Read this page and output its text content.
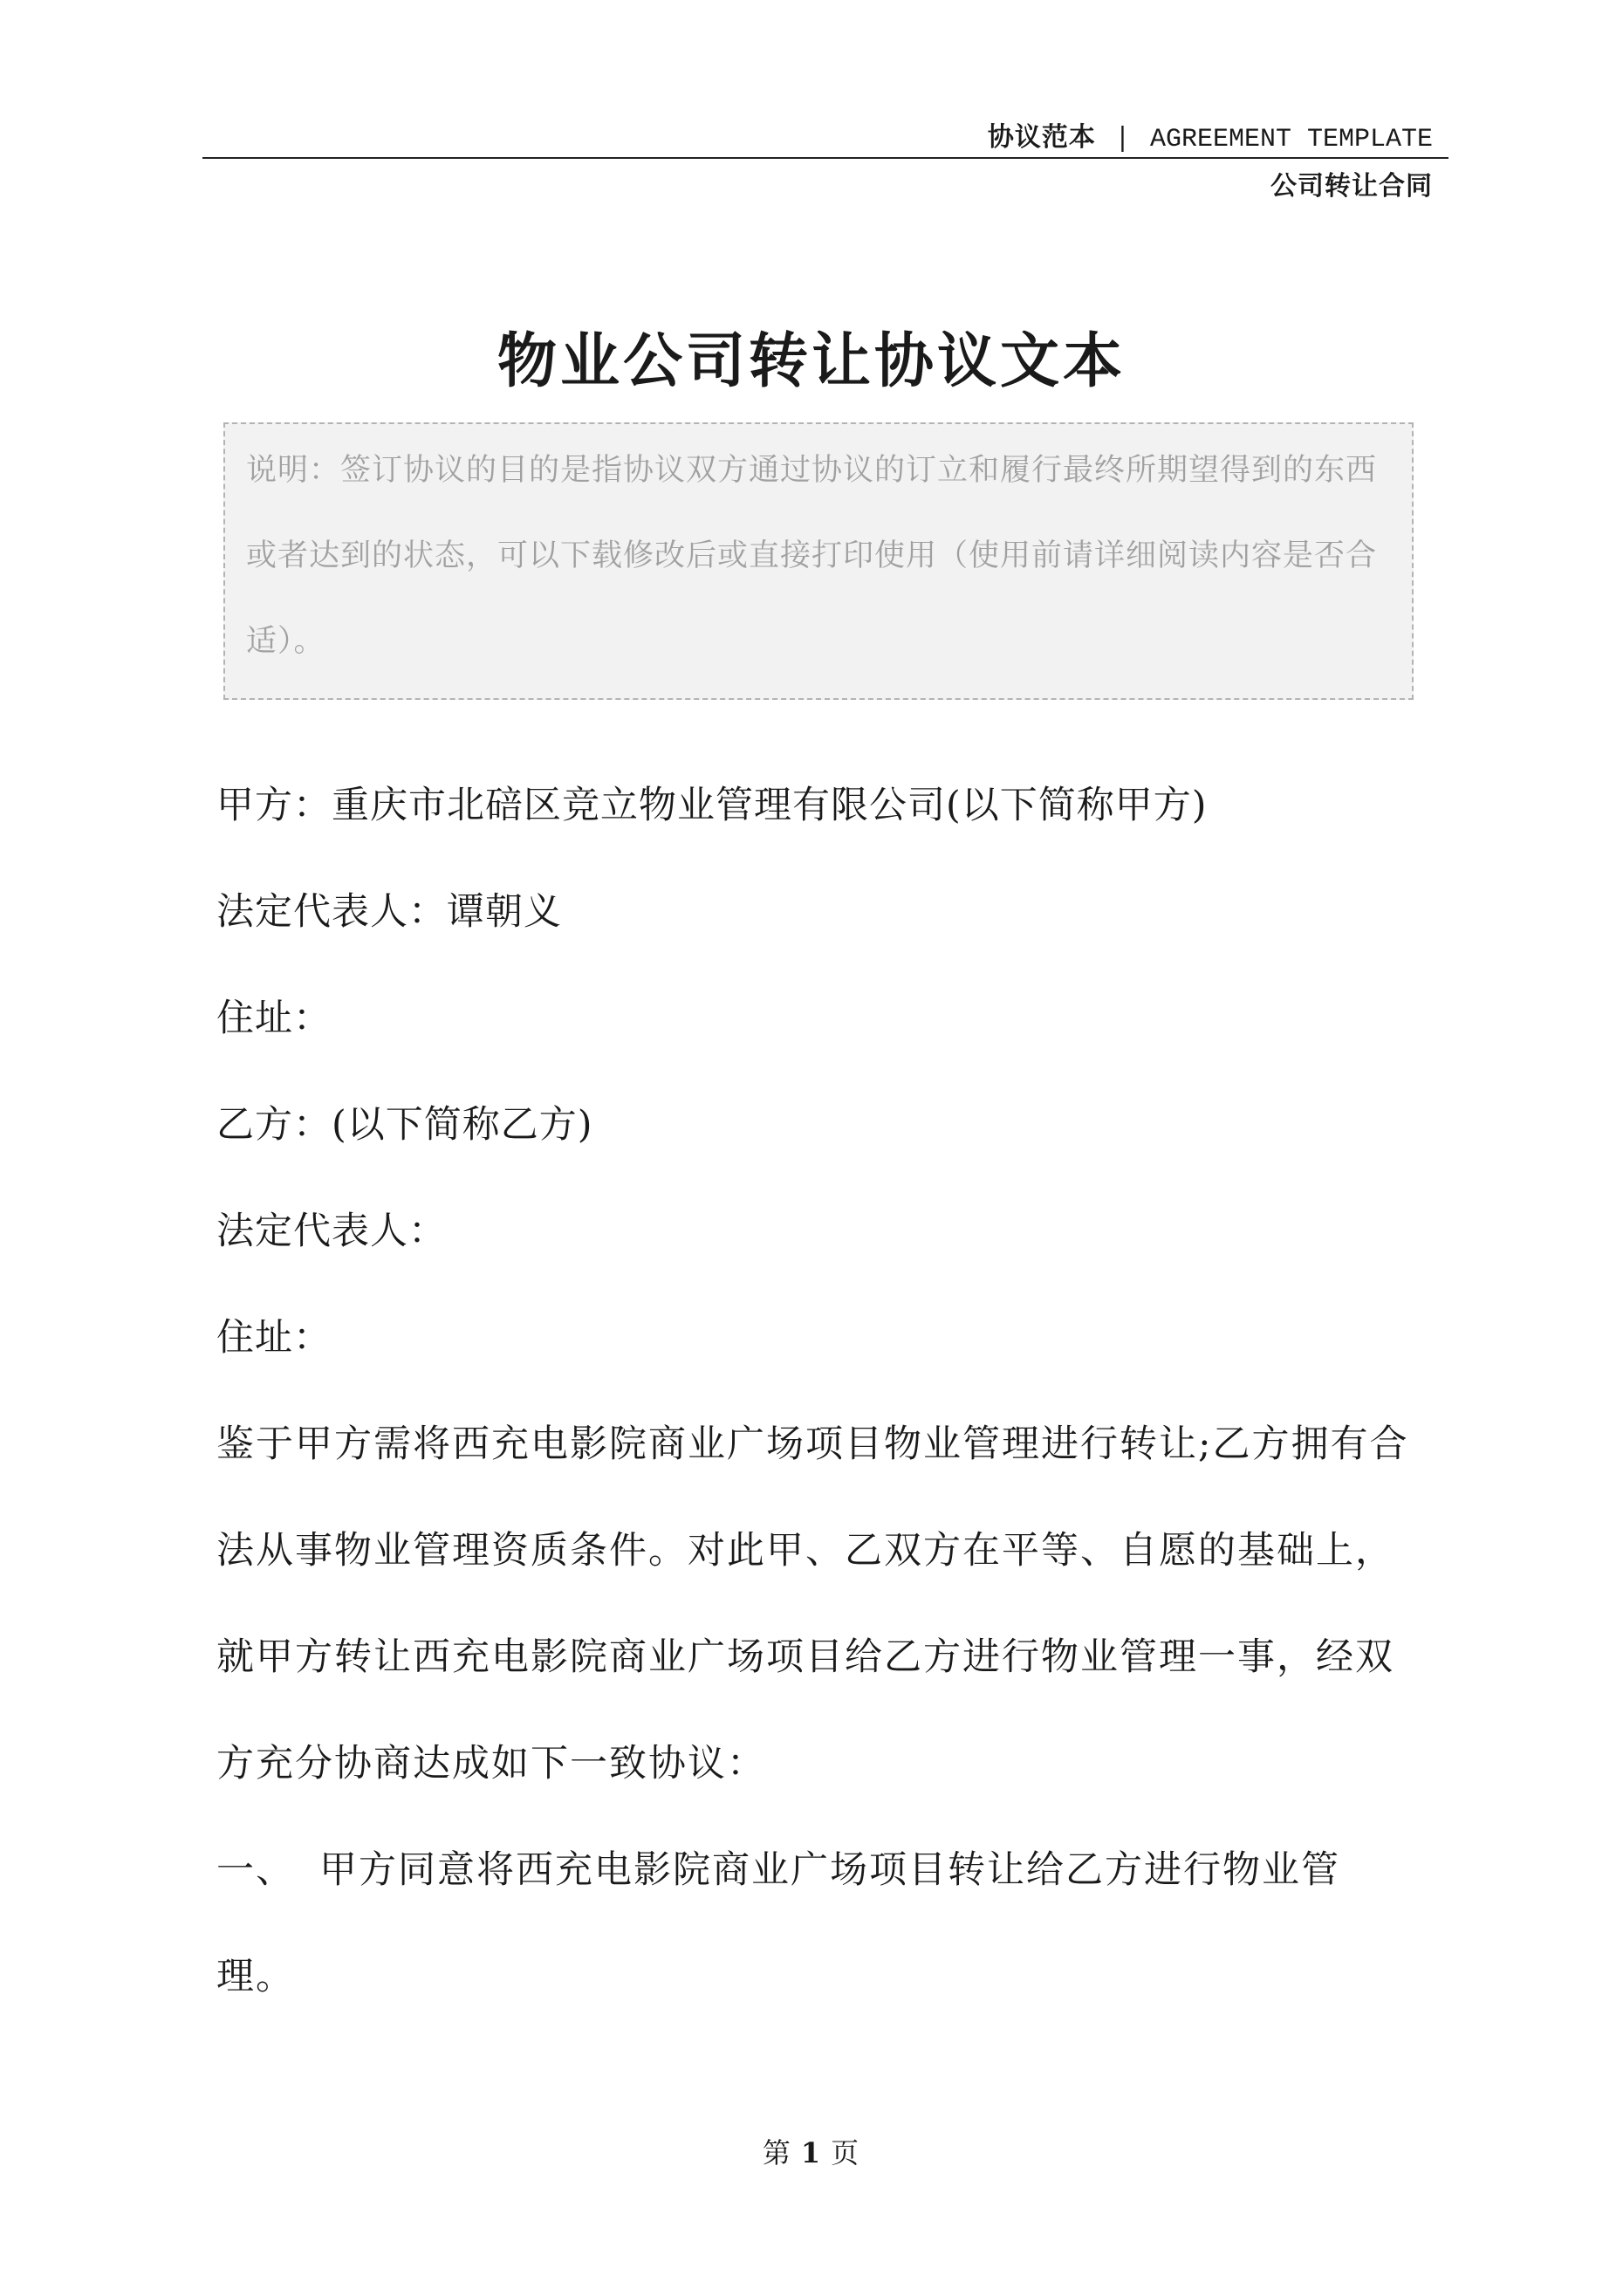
协议范本 | AGREEMENT TEMPLATE
公司转让合同
物业公司转让协议文本
说明：签订协议的目的是指协议双方通过协议的订立和履行最终所期望得到的东西或者达到的状态，可以下载修改后或直接打印使用（使用前请详细阅读内容是否合适）。
甲方：重庆市北碚区竞立物业管理有限公司(以下简称甲方)
法定代表人：谭朝义
住址：
乙方：(以下简称乙方)
法定代表人：
住址：
鉴于甲方需将西充电影院商业广场项目物业管理进行转让;乙方拥有合法从事物业管理资质条件。对此甲、乙双方在平等、自愿的基础上，就甲方转让西充电影院商业广场项目给乙方进行物业管理一事，经双方充分协商达成如下一致协议：
一、 甲方同意将西充电影院商业广场项目转让给乙方进行物业管理。
第 1 页
